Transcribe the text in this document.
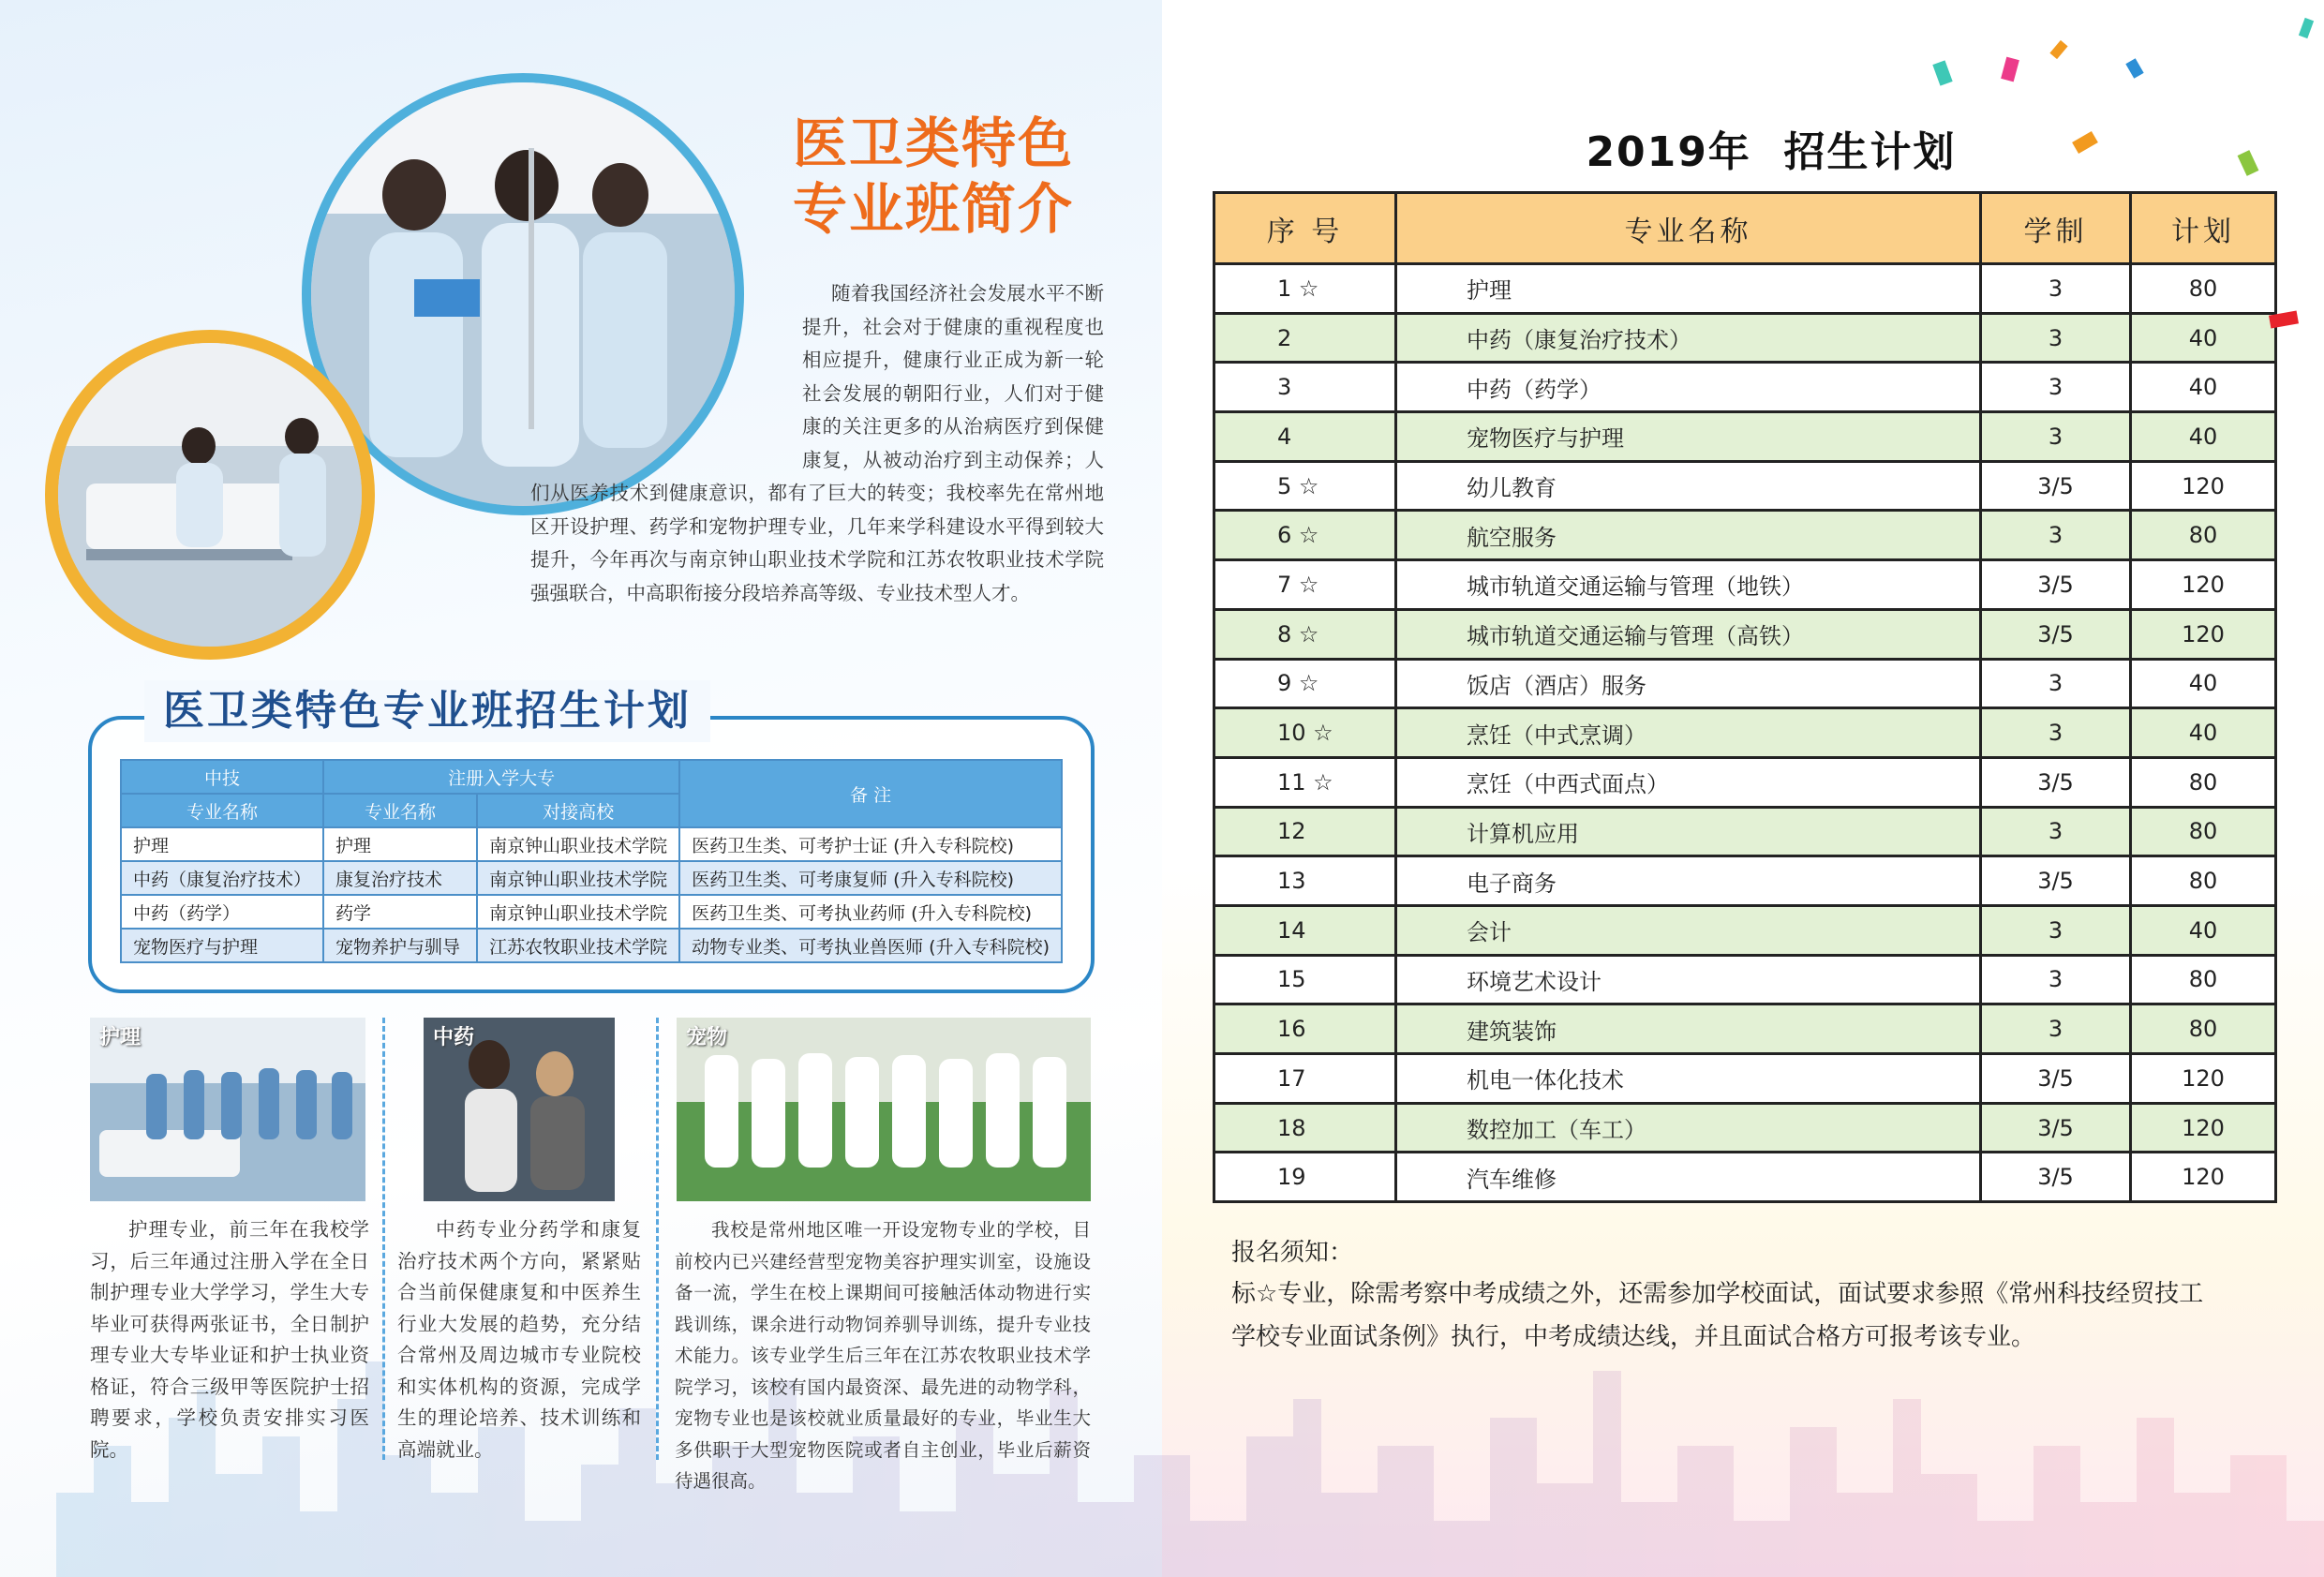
医卫类特色
专业班简介
随着我国经济社会发展水平不断提升，社会对于健康的重视程度也相应提升，健康行业正成为新一轮社会发展的朝阳行业，人们对于健康的关注更多的从治病医疗到保健康复，从被动治疗到主动保养；人们从医养技术到健康意识，都有了巨大的转变；我校率先在常州地区开设护理、药学和宠物护理专业，几年来学科建设水平得到较大提升，今年再次与南京钟山职业技术学院和江苏农牧职业技术学院强强联合，中高职衔接分段培养高等级、专业技术型人才。
医卫类特色专业班招生计划
中技	注册入学大专		备 注
专业名称	专业名称	对接高校	
护理	护理	南京钟山职业技术学院	医药卫生类、可考护士证 (升入专科院校)
中药（康复治疗技术）	康复治疗技术	南京钟山职业技术学院	医药卫生类、可考康复师 (升入专科院校)
中药（药学）	药学	南京钟山职业技术学院	医药卫生类、可考执业药师 (升入专科院校)
宠物医疗与护理	宠物养护与驯导	江苏农牧职业技术学院	动物专业类、可考执业兽医师 (升入专科院校)
护理	中药	宠物
护理专业，前三年在我校学习，后三年通过注册入学在全日制护理专业大学学习，学生大专毕业可获得两张证书，全日制护理专业大专毕业证和护士执业资格证，符合三级甲等医院护士招聘要求，学校负责安排实习医院。
中药专业分药学和康复治疗技术两个方向，紧紧贴合当前保健康复和中医养生行业大发展的趋势，充分结合常州及周边城市专业院校和实体机构的资源，完成学生的理论培养、技术训练和高端就业。
我校是常州地区唯一开设宠物专业的学校，目前校内已兴建经营型宠物美容护理实训室，设施设备一流，学生在校上课期间可接触活体动物进行实践训练，课余进行动物饲养驯导训练，提升专业技术能力。该专业学生后三年在江苏农牧职业技术学院学习，该校有国内最资深、最先进的动物学科，宠物专业也是该校就业质量最好的专业，毕业生大多供职于大型宠物医院或者自主创业，毕业后薪资待遇很高。
2019年  招生计划
序 号	专业名称	学制	计划
1 ☆	护理	3	80
2	中药（康复治疗技术）	3	40
3	中药（药学）	3	40
4	宠物医疗与护理	3	40
5 ☆	幼儿教育	3/5	120
6 ☆	航空服务	3	80
7 ☆	城市轨道交通运输与管理（地铁）	3/5	120
8 ☆	城市轨道交通运输与管理（高铁）	3/5	120
9 ☆	饭店（酒店）服务	3	40
10 ☆	烹饪（中式烹调）	3	40
11 ☆	烹饪（中西式面点）	3/5	80
12	计算机应用	3	80
13	电子商务	3/5	80
14	会计	3	40
15	环境艺术设计	3	80
16	建筑装饰	3	80
17	机电一体化技术	3/5	120
18	数控加工（车工）	3/5	120
19	汽车维修	3/5	120
报名须知：
标☆专业，除需考察中考成绩之外，还需参加学校面试，面试要求参照《常州科技经贸技工学校专业面试条例》执行，中考成绩达线，并且面试合格方可报考该专业。
